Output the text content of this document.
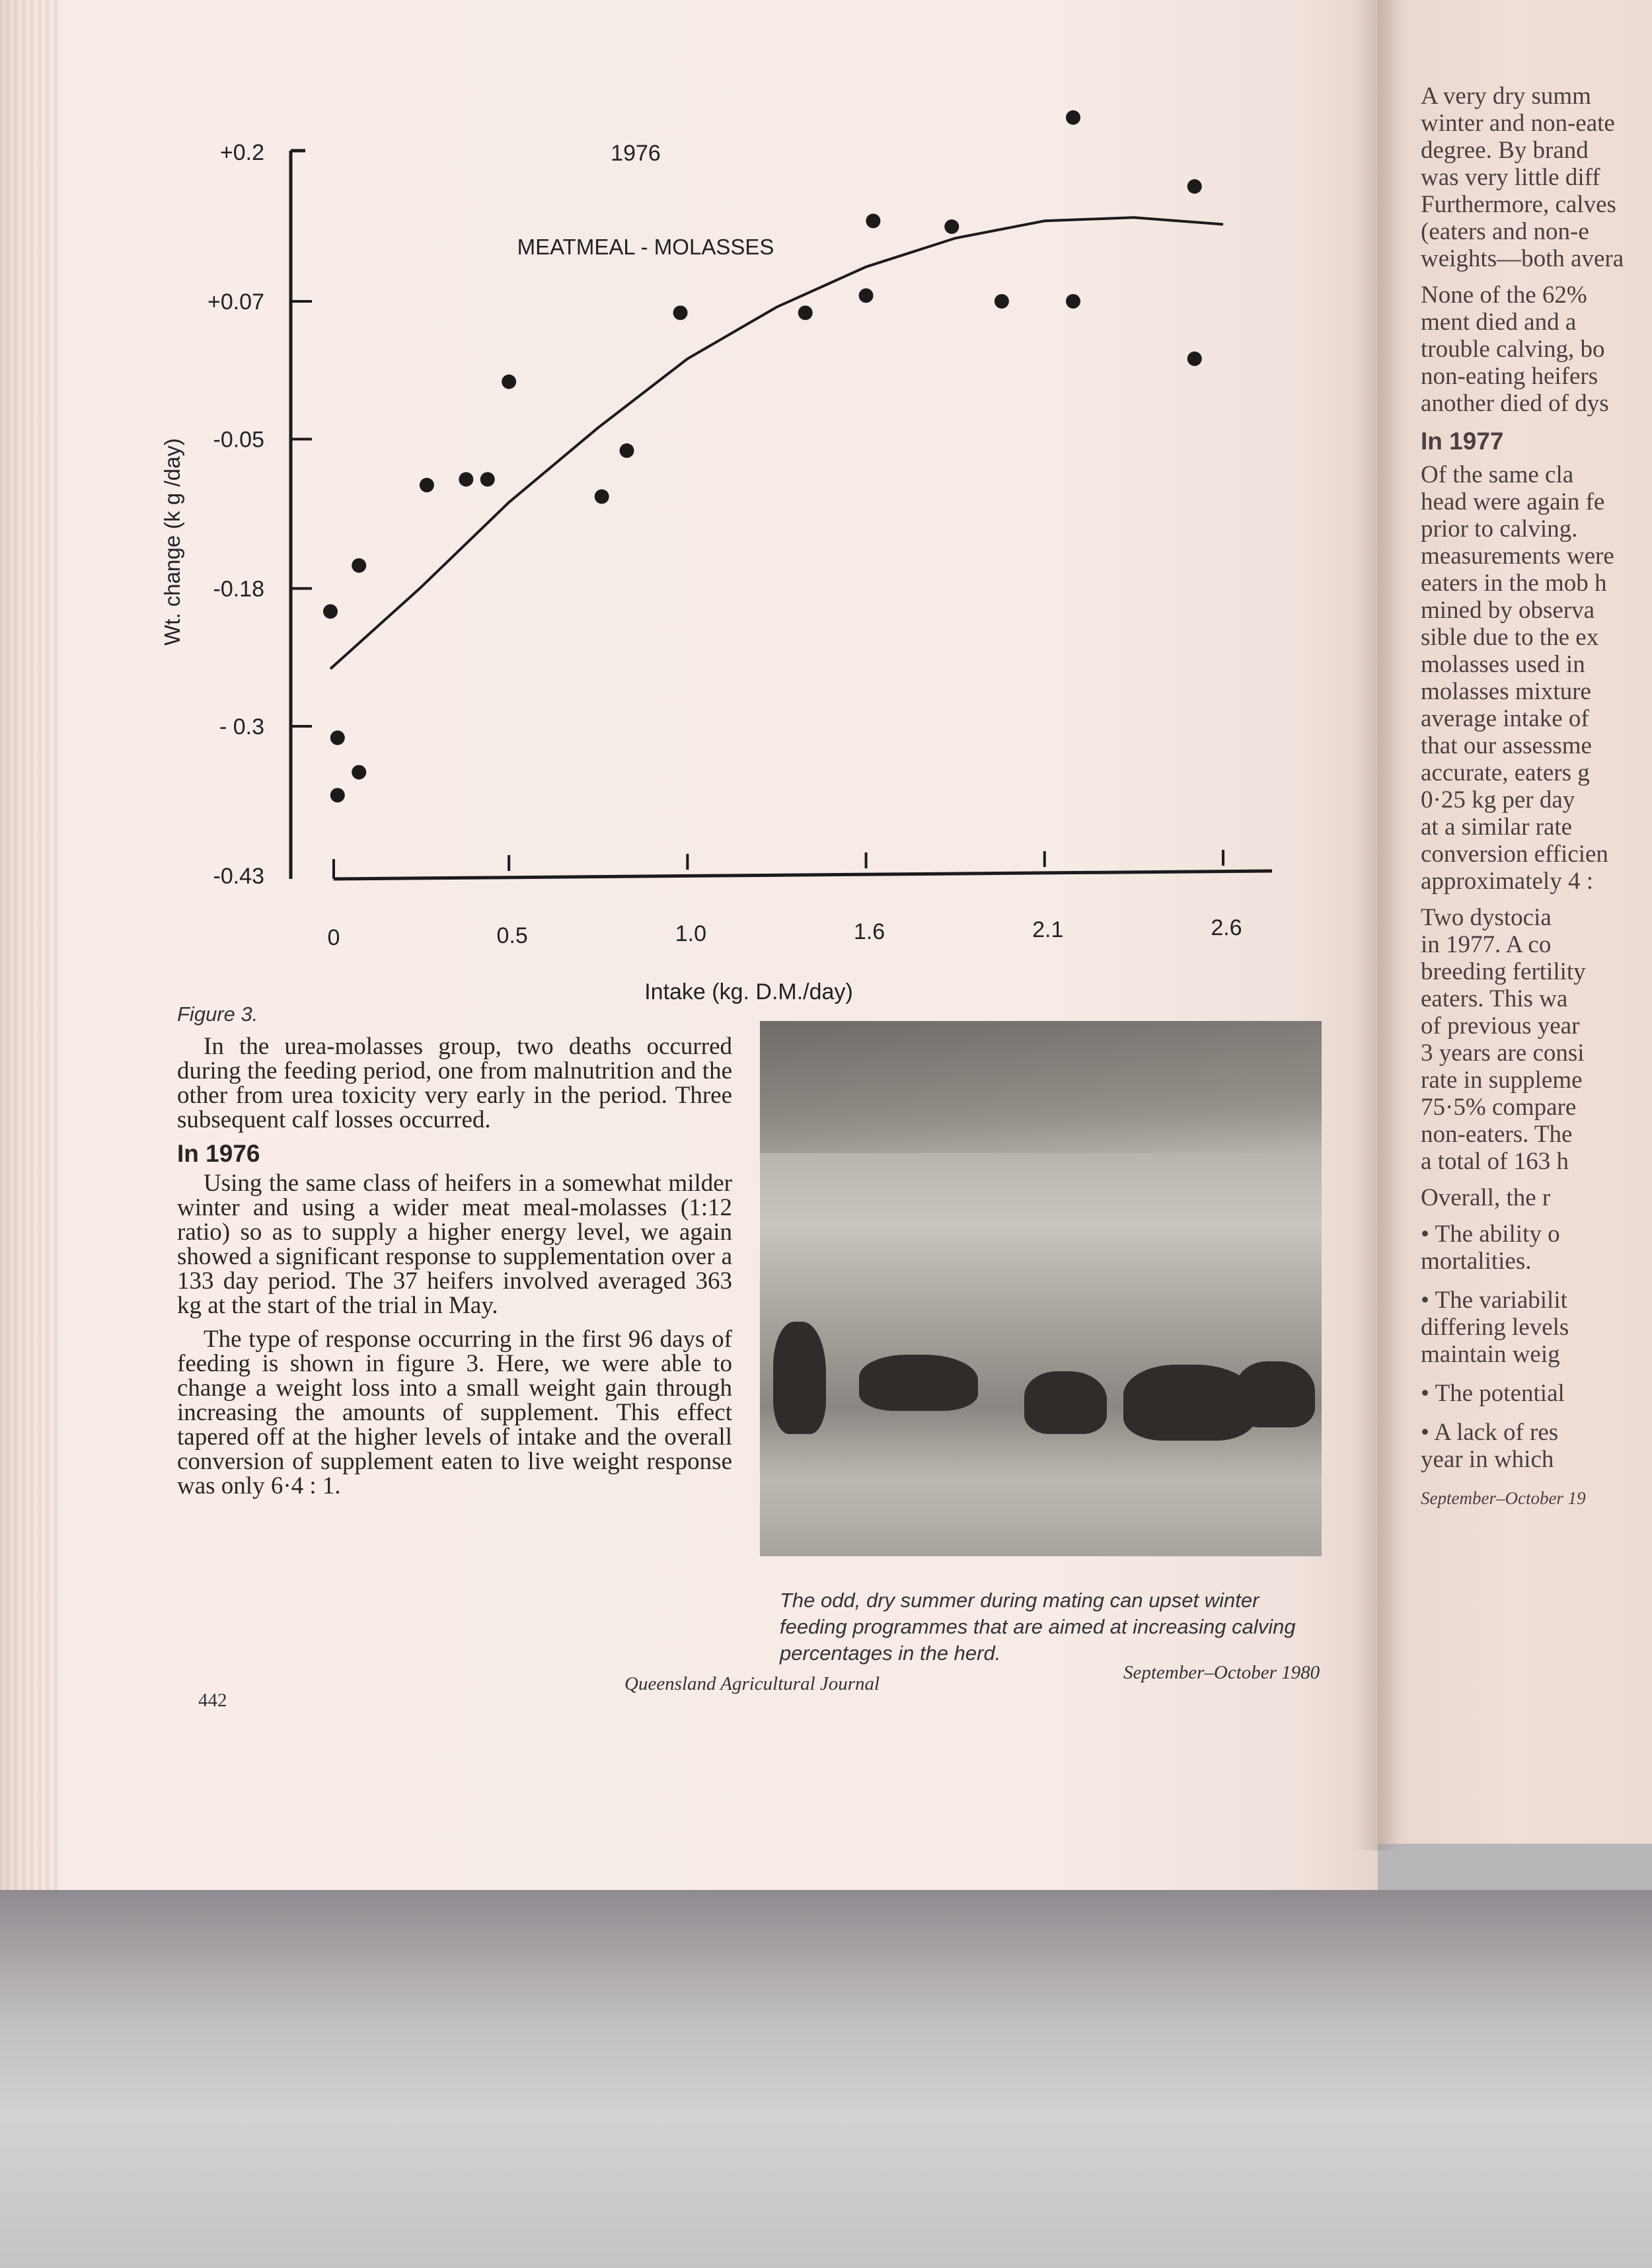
+0.2
+0.07
-0.05
-0.18
- 0.3
-0.43
0	0.5	1.0	1.6	2.1	2.6
1976
MEATMEAL - MOLASSES
Wt. change (k g /day)
Intake (kg. D.M./day)
Figure 3.

In the urea-molasses group, two deaths occurred during the feeding period, one from malnutrition and the other from urea toxicity very early in the period. Three subsequent calf losses occurred.

In 1976

Using the same class of heifers in a somewhat milder winter and using a wider meat meal-molasses (1:12 ratio) so as to supply a higher energy level, we again showed a significant response to supplementation over a 133 day period. The 37 heifers involved averaged 363 kg at the start of the trial in May.

The type of response occurring in the first 96 days of feeding is shown in figure 3. Here, we were able to change a weight loss into a small weight gain through increasing the amounts of supplement. This effect tapered off at the higher levels of intake and the overall conversion of supplement eaten to live weight response was only 6·4 : 1.

The odd, dry summer during mating can upset winter feeding programmes that are aimed at increasing calving percentages in the herd.
442
Queensland Agricultural Journal
September–October 1980

A very dry summ
winter and non-eate
degree. By brand
was very little diff
Furthermore, calves
(eaters and non-e
weights—both avera

None of the 62%
ment died and a
trouble calving, bo
non-eating heifers
another died of dys

In 1977

Of the same cla
head were again fe
prior to calving.
measurements were
eaters in the mob h
mined by observa
sible due to the ex
molasses used in
molasses mixture
average intake of
that our assessme
accurate, eaters g
0·25 kg per day
at a similar rate
conversion efficien
approximately 4 :

Two dystocia
in 1977. A co
breeding fertility
eaters. This wa
of previous year
3 years are consi
rate in suppleme
75·5% compare
non-eaters. The
a total of 163 h

Overall, the r

• The ability o
mortalities.

• The variabilit
differing levels
maintain weig

• The potential

• A lack of res
year in which

September–October 19
